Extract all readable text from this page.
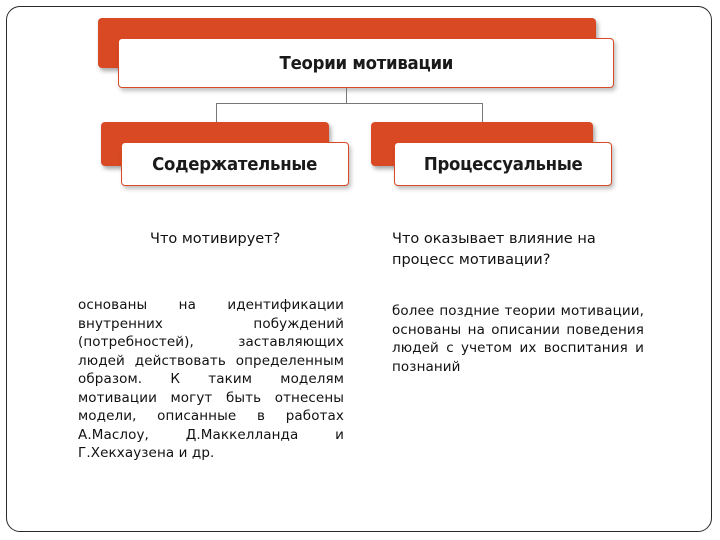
Теории мотивации
Содержательные	Процессуальные
Что мотивирует?	Что оказывает влияние на процесс мотивации?
основаны на идентификации внутренних побуждений (потребностей), заставляющих людей действовать определенным образом. К таким моделям мотивации могут быть отнесены модели, описанные в работах А.Маслоу, Д.Маккелланда и Г.Хекхаузена и др.
более поздние теории мотивации, основаны на описании поведения людей с учетом их воспитания и познаний
